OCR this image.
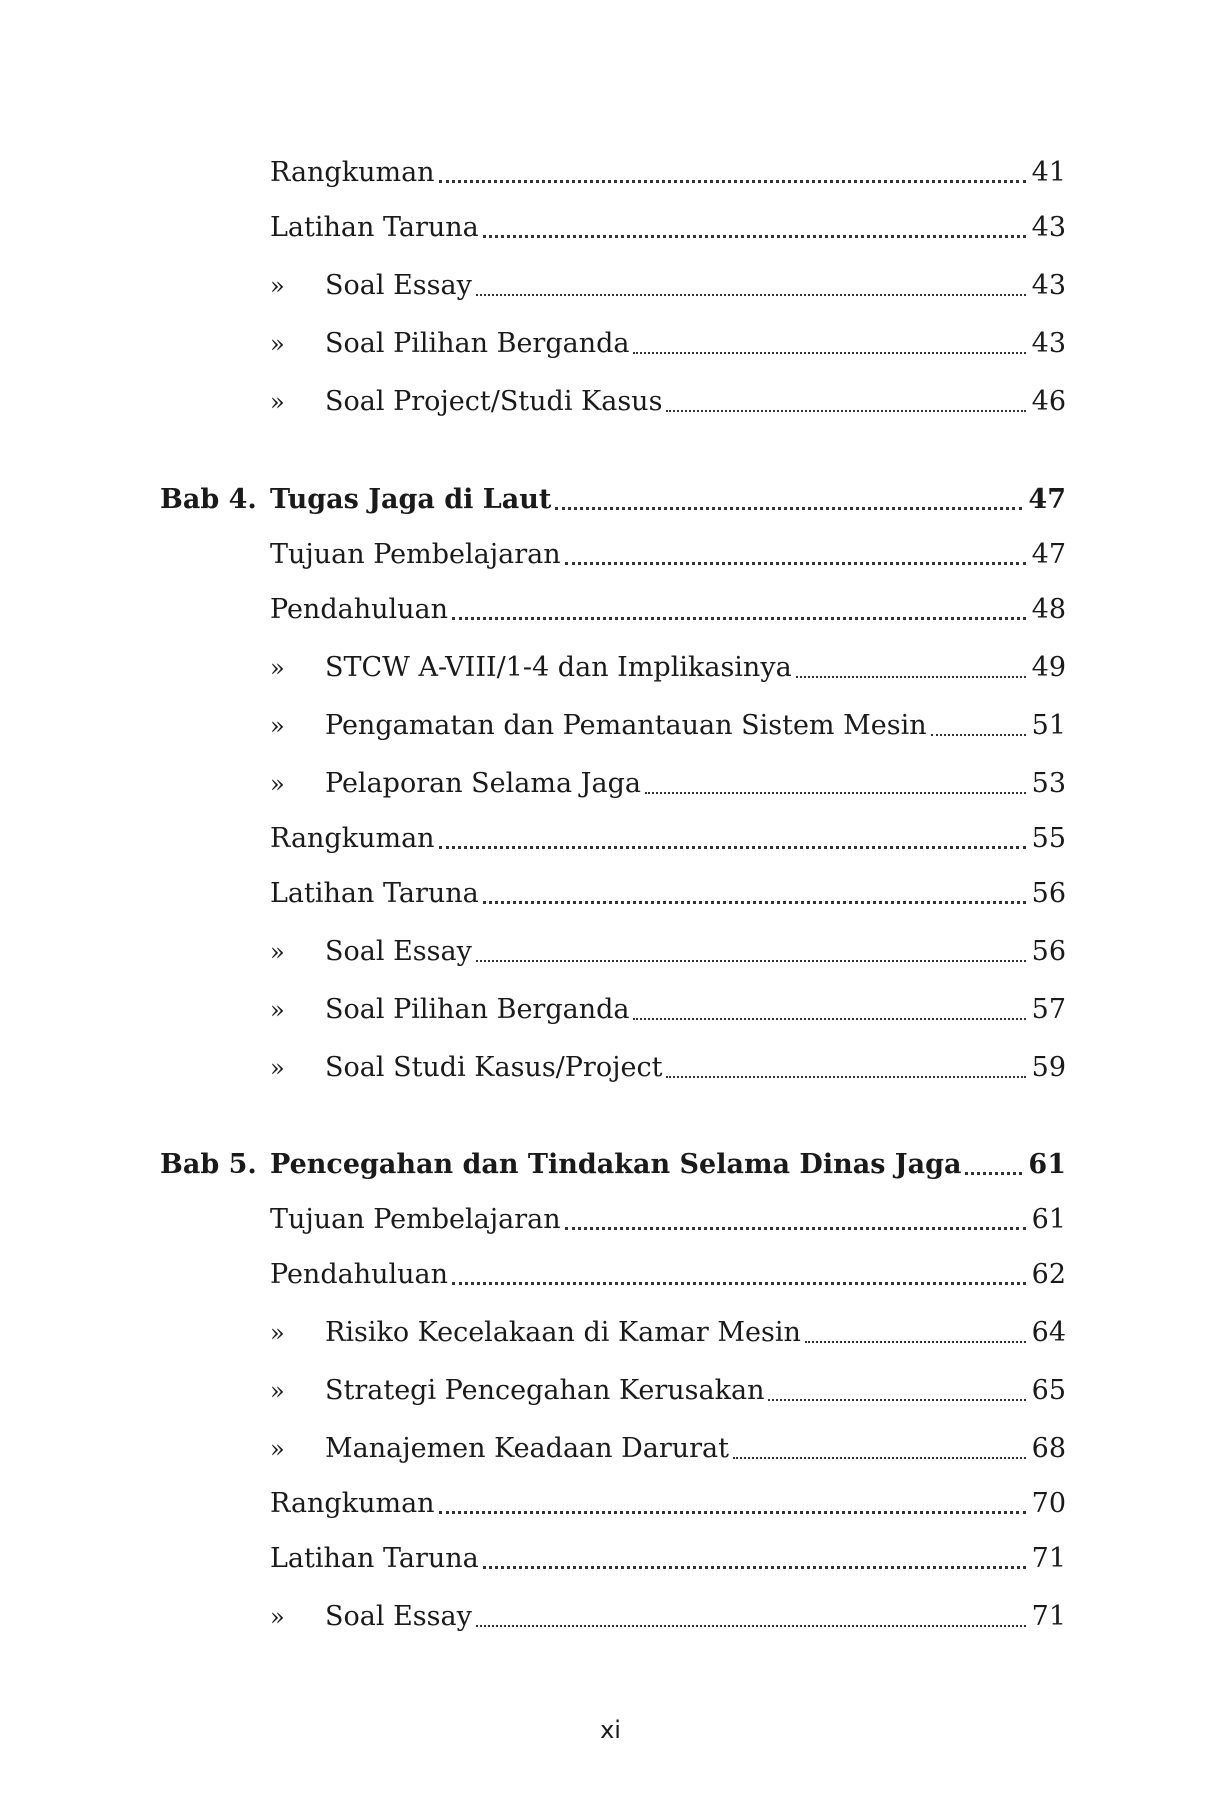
Rangkuman	41
Latihan Taruna	43
»	Soal Essay	43
»	Soal Pilihan Berganda	43
»	Soal Project/Studi Kasus	46
Bab 4. Tugas Jaga di Laut	47
Tujuan Pembelajaran	47
Pendahuluan	48
»	STCW A-VIII/1-4 dan Implikasinya	49
»	Pengamatan dan Pemantauan Sistem Mesin	51
»	Pelaporan Selama Jaga	53
Rangkuman	55
Latihan Taruna	56
»	Soal Essay	56
»	Soal Pilihan Berganda	57
»	Soal Studi Kasus/Project	59
Bab 5. Pencegahan dan Tindakan Selama Dinas Jaga 61
Tujuan Pembelajaran	61
Pendahuluan	62
»	Risiko Kecelakaan di Kamar Mesin	64
»	Strategi Pencegahan Kerusakan	65
»	Manajemen Keadaan Darurat	68
Rangkuman	70
Latihan Taruna	71
»	Soal Essay	71
xi
